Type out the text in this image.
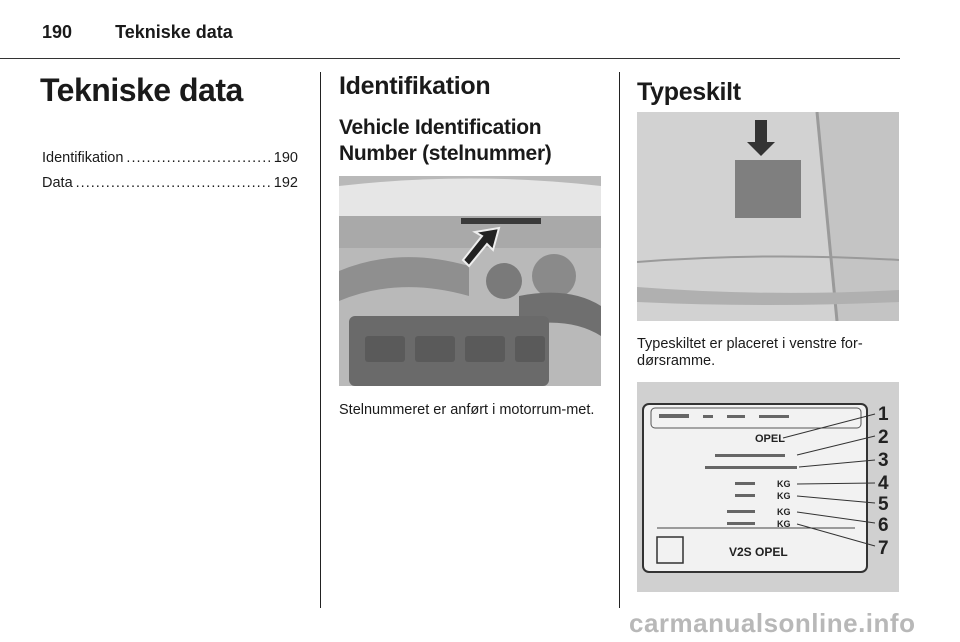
190 Tekniske data
Tekniske data
Identifikation .....	190
Data .....	192
Identifikation
Vehicle Identification Number (stelnummer)
Stelnummeret er anført i motorrum-met.
Typeskilt
Typeskiltet er placeret i venstre for-dørsramme.
OPEL
KG
KG
KG
KG
V2S OPEL
1
2
3
4
5
6
7
carmanualsonline.info
